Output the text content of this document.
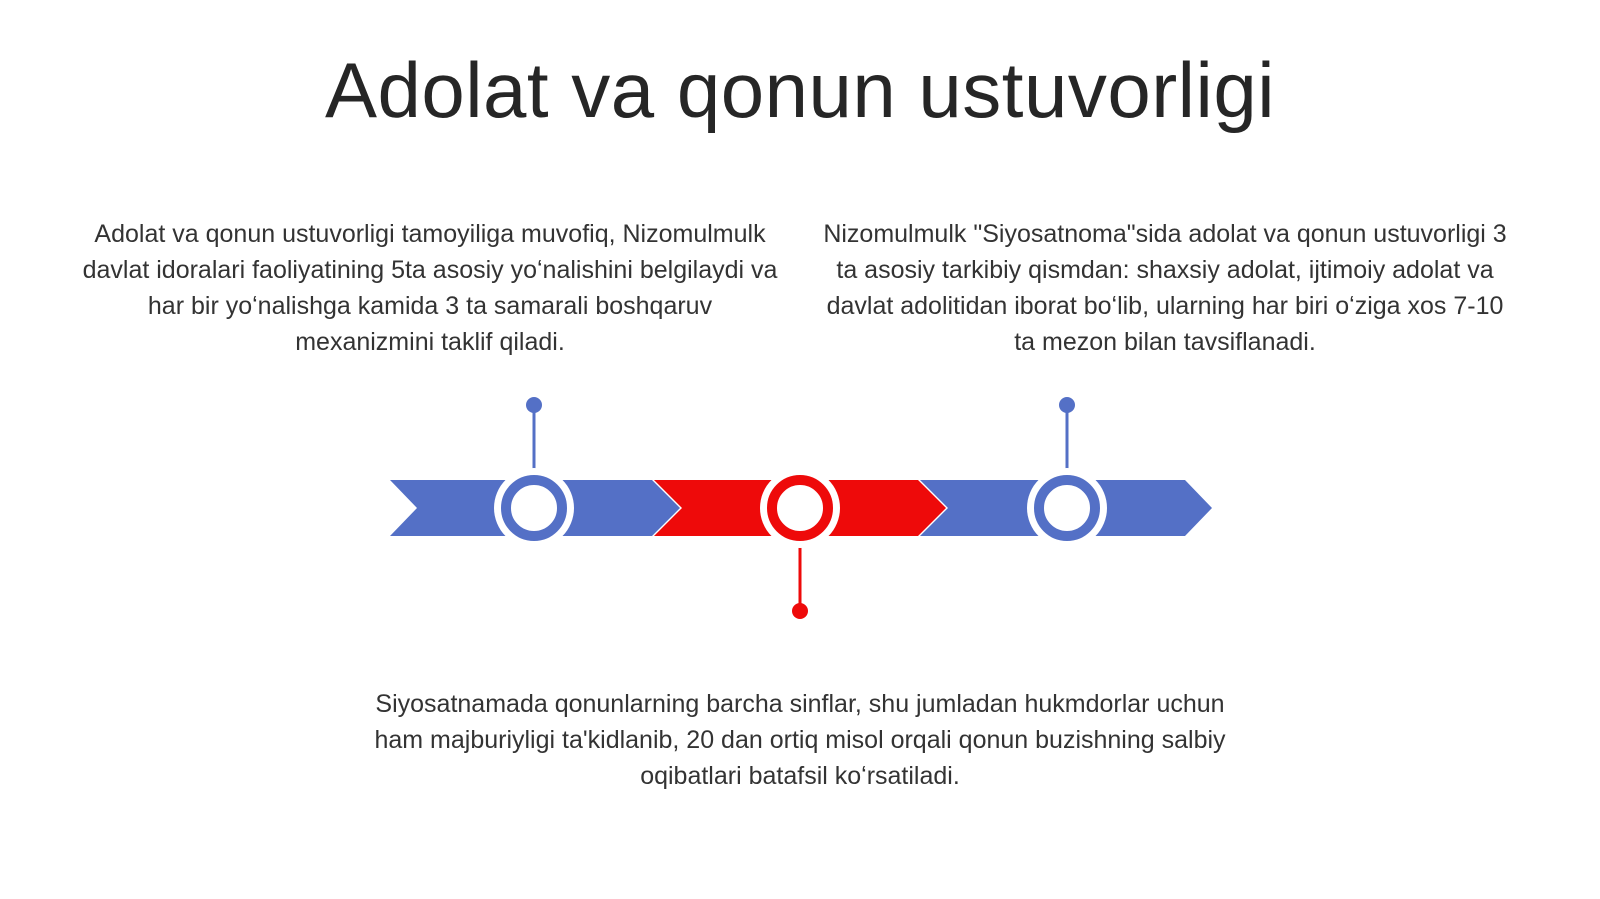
Adolat va qonun ustuvorligi
Adolat va qonun ustuvorligi tamoyiliga muvofiq, Nizomulmulk davlat idoralari faoliyatining 5ta asosiy yoʻnalishini belgilaydi va har bir yoʻnalishga kamida 3 ta samarali boshqaruv mexanizmini taklif qiladi.
Nizomulmulk "Siyosatnoma"sida adolat va qonun ustuvorligi 3 ta asosiy tarkibiy qismdan: shaxsiy adolat, ijtimoiy adolat va davlat adolitidan iborat boʻlib, ularning har biri oʻziga xos 7-10 ta mezon bilan tavsiflanadi.
Siyosatnamada qonunlarning barcha sinflar, shu jumladan hukmdorlar uchun ham majburiyligi ta'kidlanib, 20 dan ortiq misol orqali qonun buzishning salbiy oqibatlari batafsil koʻrsatiladi.
